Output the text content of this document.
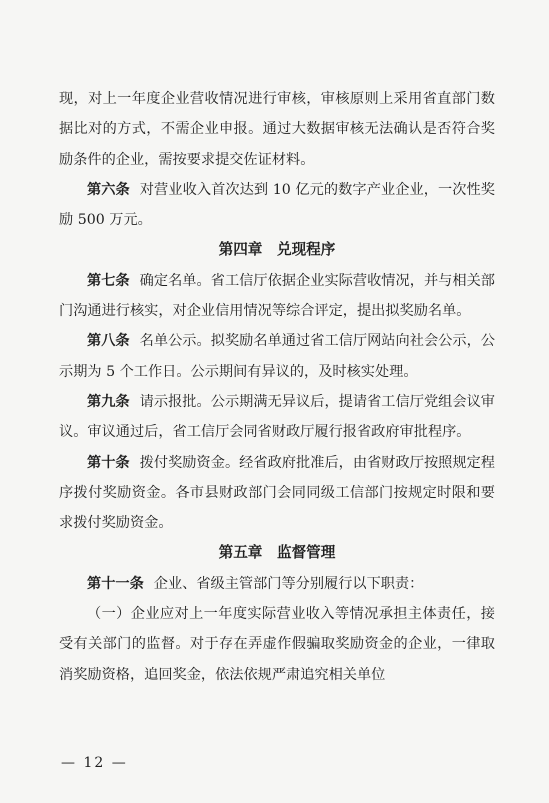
现，对上一年度企业营收情况进行审核，审核原则上采用省直部门数据比对的方式，不需企业申报。通过大数据审核无法确认是否符合奖励条件的企业，需按要求提交佐证材料。

第六条 对营业收入首次达到 10 亿元的数字产业企业，一次性奖励 500 万元。

第四章　兑现程序

第七条 确定名单。省工信厅依据企业实际营收情况，并与相关部门沟通进行核实，对企业信用情况等综合评定，提出拟奖励名单。

第八条 名单公示。拟奖励名单通过省工信厅网站向社会公示，公示期为 5 个工作日。公示期间有异议的，及时核实处理。

第九条 请示报批。公示期满无异议后，提请省工信厅党组会议审议。审议通过后，省工信厅会同省财政厅履行报省政府审批程序。

第十条 拨付奖励资金。经省政府批准后，由省财政厅按照规定程序拨付奖励资金。各市县财政部门会同同级工信部门按规定时限和要求拨付奖励资金。

第五章　监督管理

第十一条 企业、省级主管部门等分别履行以下职责：

（一）企业应对上一年度实际营业收入等情况承担主体责任，接受有关部门的监督。对于存在弄虚作假骗取奖励资金的企业，一律取消奖励资格，追回奖金，依法依规严肃追究相关单位

— 12 —
